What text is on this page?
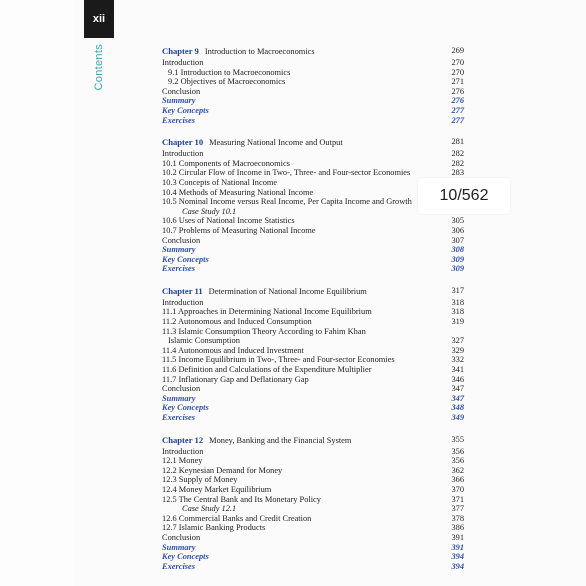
xii
Contents	Chapter 9 Introduction to Macroeconomics	269
Introduction	270
9.1 Introduction to Macroeconomics	270
9.2 Objectives of Macroeconomics	271
Conclusion	276
Summary	276
Key Concepts	277
Exercises	277
Chapter 10 Measuring National Income and Output	281
Introduction	282
10.1 Components of Macroeconomics	282
10.2 Circular Flow of Income in Two-, Three- and Four-sector Economies	283
10.3 Concepts of National Income
10.4 Methods of Measuring National Income
10.5 Nominal Income versus Real Income, Per Capita Income and Growth
Case Study 10.1
10.6 Uses of National Income Statistics	305
10.7 Problems of Measuring National Income	306
Conclusion	307
Summary	308
Key Concepts	309
Exercises	309
Chapter 11 Determination of National Income Equilibrium	317
Introduction	318
11.1 Approaches in Determining National Income Equilibrium	318
11.2 Autonomous and Induced Consumption	319
11.3 Islamic Consumption Theory According to Fahim Khan
Islamic Consumption	327
11.4 Autonomous and Induced Investment	329
11.5 Income Equilibrium in Two-, Three- and Four-sector Economies	332
11.6 Definition and Calculations of the Expenditure Multiplier	341
11.7 Inflationary Gap and Deflationary Gap	346
Conclusion	347
Summary	347
Key Concepts	348
Exercises	349
Chapter 12 Money, Banking and the Financial System	355
Introduction	356
12.1 Money	356
12.2 Keynesian Demand for Money	362
12.3 Supply of Money	366
12.4 Money Market Equilibrium	370
12.5 The Central Bank and Its Monetary Policy	371
Case Study 12.1	377
12.6 Commercial Banks and Credit Creation	378
12.7 Islamic Banking Products	386
Conclusion	391
Summary	391
Key Concepts	394
Exercises	394
10/562
